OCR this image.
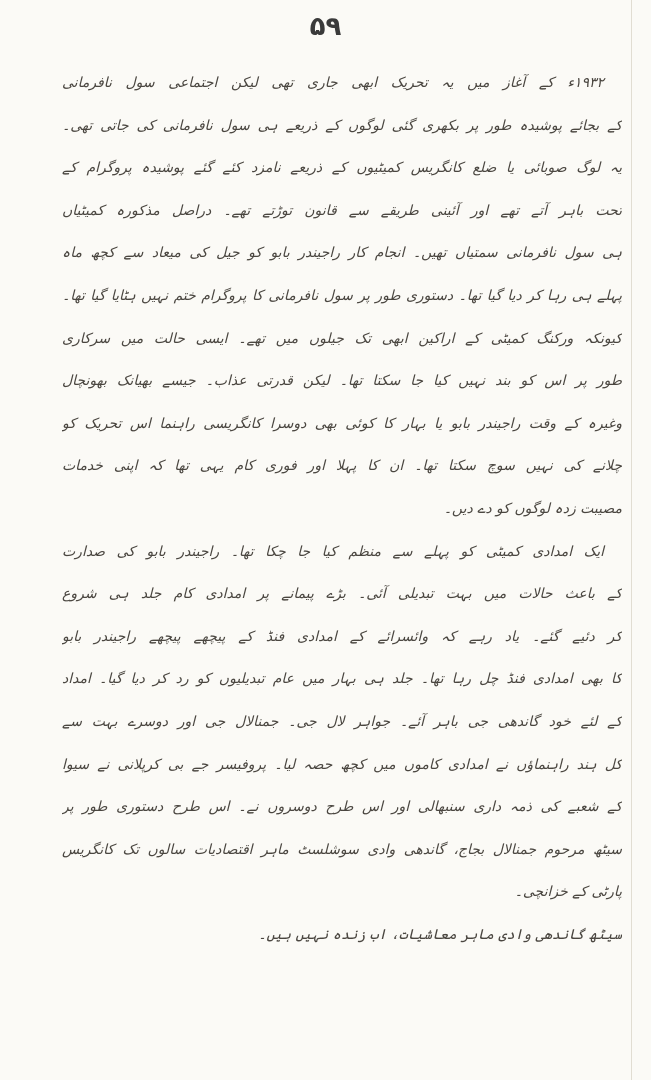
۵۹
۱۹۳۲ء کے آغاز میں یہ تحریک ابھی جاری تھی لیکن اجتماعی سول نافرمانی
کے بجائے پوشیدہ طور پر بکھری گئی لوگوں کے ذریعے ہی سول نافرمانی کی جاتی تھی۔
یہ لوگ صوبائی یا ضلع کانگریس کمیٹیوں کے ذریعے نامزد کئے گئے پوشیدہ پروگرام کے
تحت باہر آتے تھے اور آئینی طریقے سے قانون توڑتے تھے۔ دراصل مذکورہ کمیٹیاں
ہی سول نافرمانی سمتیاں تھیں۔ انجام کار راجیندر بابو کو جیل کی میعاد سے کچھ ماہ
پہلے ہی رہا کر دیا گیا تھا۔ دستوری طور پر سول نافرمانی کا پروگرام ختم نہیں ہٹایا گیا تھا۔
کیونکہ ورکنگ کمیٹی کے اراکین ابھی تک جیلوں میں تھے۔ ایسی حالت میں سرکاری
طور پر اس کو بند نہیں کیا جا سکتا تھا۔ لیکن قدرتی عذاب۔ جیسے بھیانک بھونچال
وغیرہ کے وقت راجیندر بابو یا بہار کا کوئی بھی دوسرا کانگریسی راہنما اس تحریک کو
چلانے کی نہیں سوچ سکتا تھا۔ ان کا پہلا اور فوری کام یہی تھا کہ اپنی خدمات
مصیبت زدہ لوگوں کو دے دیں۔
ایک امدادی کمیٹی کو پہلے سے منظم کیا جا چکا تھا۔ راجیندر بابو کی صدارت
کے باعث حالات میں بہت تبدیلی آئی۔ بڑے پیمانے پر امدادی کام جلد ہی شروع
کر دئیے گئے۔ یاد رہے کہ وائسرائے کے امدادی فنڈ کے پیچھے پیچھے راجیندر بابو
کا بھی امدادی فنڈ چل رہا تھا۔ جلد ہی بہار میں عام تبدیلیوں کو رد کر دیا گیا۔ امداد
کے لئے خود گاندھی جی باہر آئے۔ جواہر لال جی۔ جمنالال جی اور دوسرے بہت سے
کل ہند راہنماؤں نے امدادی کاموں میں کچھ حصہ لیا۔ پروفیسر جے بی کرپلانی نے سیوا
کے شعبے کی ذمہ داری سنبھالی اور اس طرح دوسروں نے۔ اس طرح دستوری طور پر
سیٹھ مرحوم جمنالال بجاج، گاندھی وادی سوشلسٹ ماہر اقتصادیات سالوں تک کانگریس
پارٹی کے خزانچی۔
سیٹھ گاندھی وادی ماہر معاشیات، اب زندہ نہیں ہیں۔
